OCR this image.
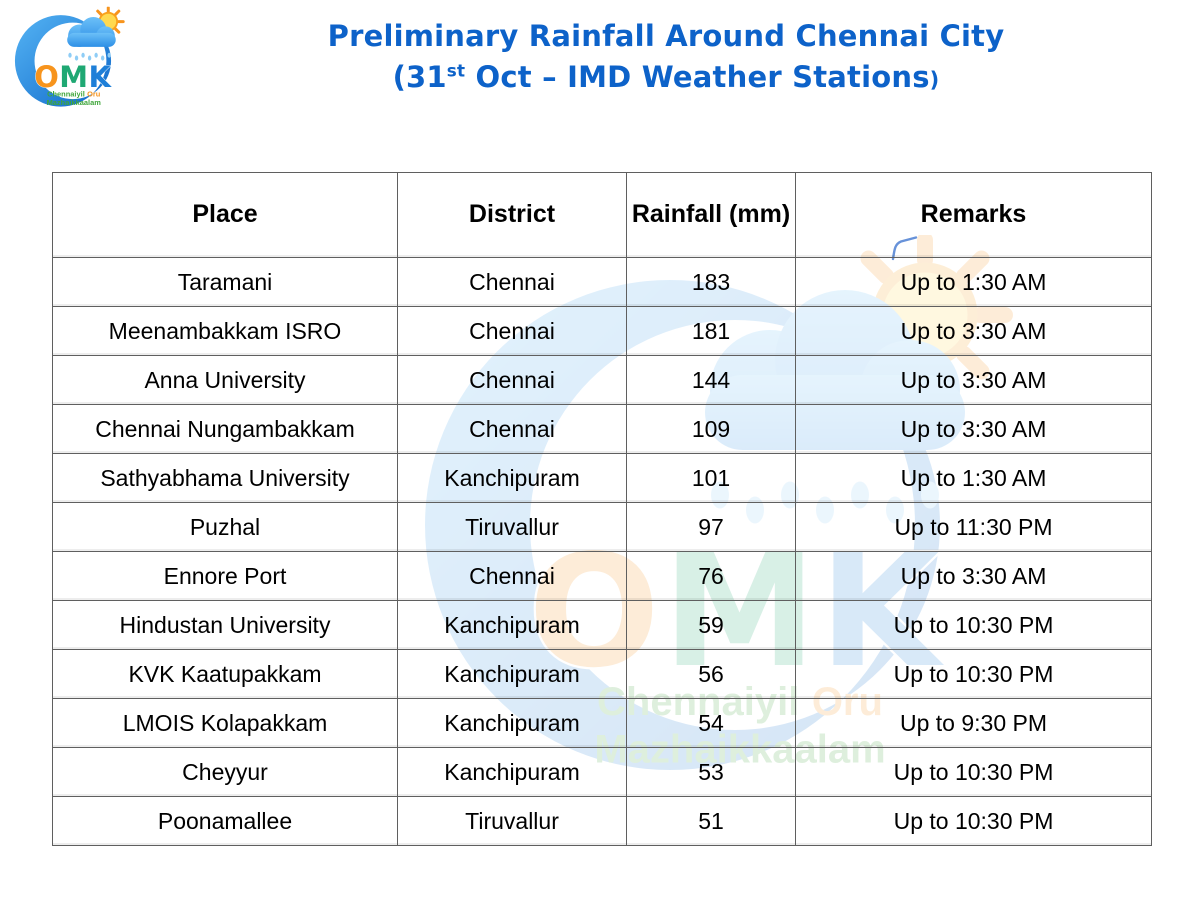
Preliminary Rainfall Around Chennai City
(31st Oct – IMD Weather Stations)
Place	District	Rainfall (mm)	Remarks
Taramani	Chennai	183	Up to 1:30 AM
Meenambakkam ISRO	Chennai	181	Up to 3:30 AM
Anna University	Chennai	144	Up to 3:30 AM
Chennai Nungambakkam	Chennai	109	Up to 3:30 AM
Sathyabhama University	Kanchipuram	101	Up to 1:30 AM
Puzhal	Tiruvallur	97	Up to 11:30 PM
Ennore Port	Chennai	76	Up to 3:30 AM
Hindustan University	Kanchipuram	59	Up to 10:30 PM
KVK Kaatupakkam	Kanchipuram	56	Up to 10:30 PM
LMOIS Kolapakkam	Kanchipuram	54	Up to 9:30 PM
Cheyyur	Kanchipuram	53	Up to 10:30 PM
Poonamallee	Tiruvallur	51	Up to 10:30 PM
